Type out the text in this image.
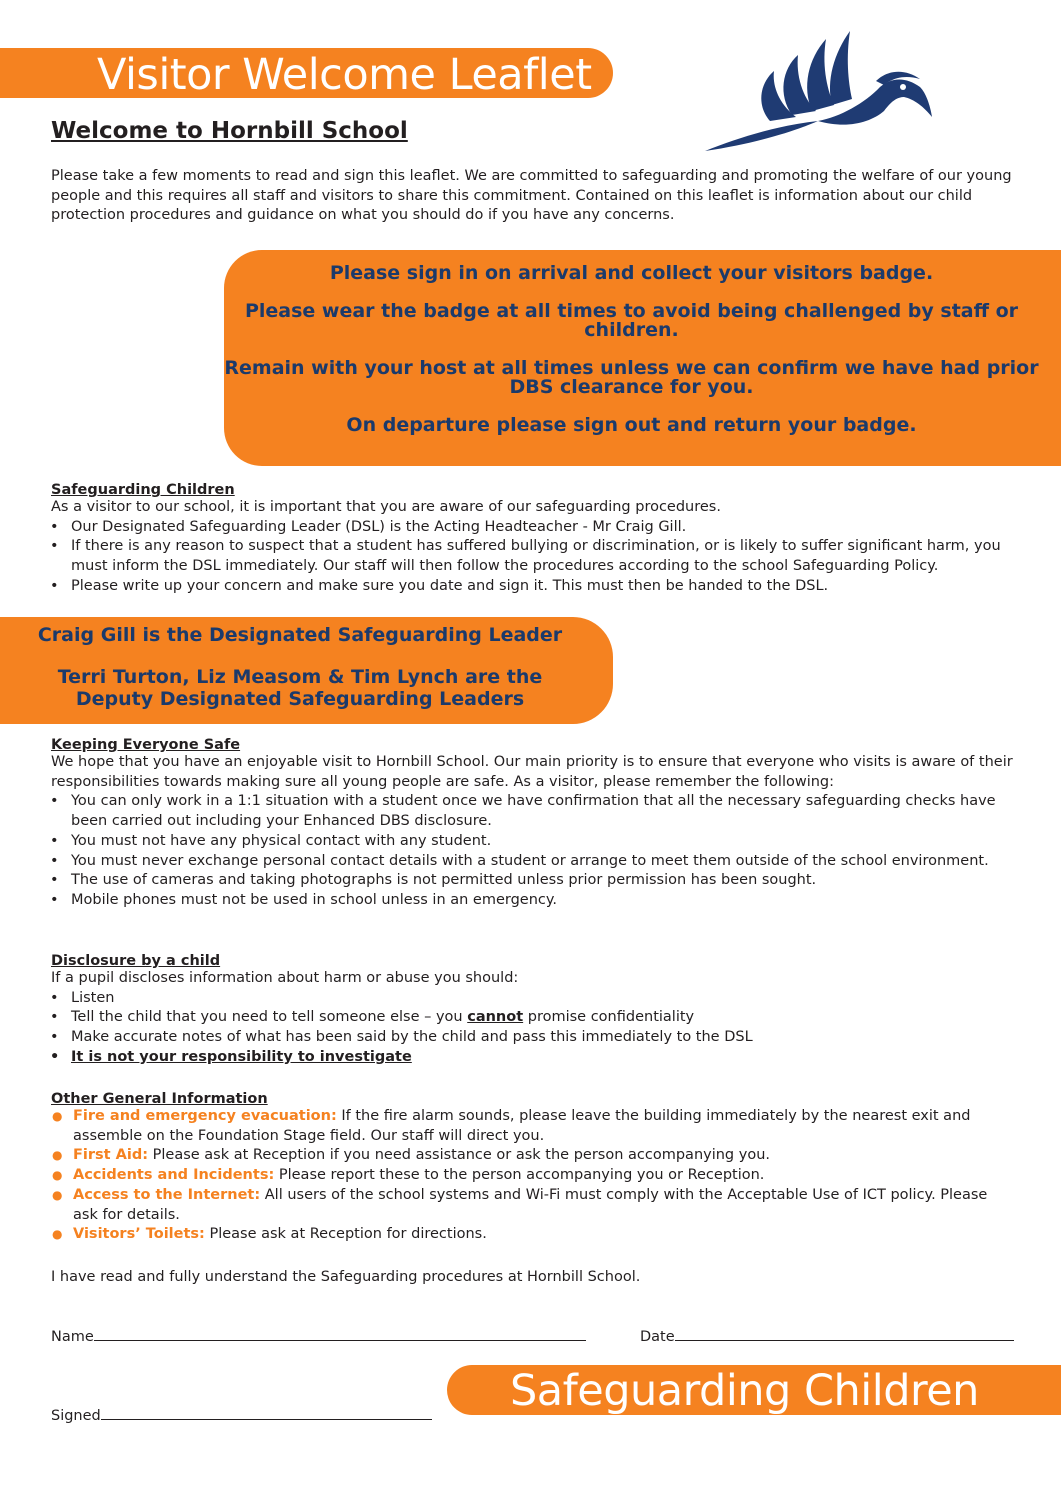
Visitor Welcome Leaflet
Welcome to Hornbill School
Please take a few moments to read and sign this leaflet. We are committed to safeguarding and promoting the welfare of our young people and this requires all staff and visitors to share this commitment. Contained on this leaflet is information about our child protection procedures and guidance on what you should do if you have any concerns.

Please sign in on arrival and collect your visitors badge.

Please wear the badge at all times to avoid being challenged by staff or children.

Remain with your host at all times unless we can confirm we have had prior DBS clearance for you.

On departure please sign out and return your badge.

Safeguarding Children
As a visitor to our school, it is important that you are aware of our safeguarding procedures.
• Our Designated Safeguarding Leader (DSL) is the Acting Headteacher - Mr Craig Gill.
• If there is any reason to suspect that a student has suffered bullying or discrimination, or is likely to suffer significant harm, you must inform the DSL immediately. Our staff will then follow the procedures according to the school Safeguarding Policy.
• Please write up your concern and make sure you date and sign it. This must then be handed to the DSL.

Craig Gill is the Designated Safeguarding Leader

Terri Turton, Liz Measom & Tim Lynch are the

Deputy Designated Safeguarding Leaders

Keeping Everyone Safe
We hope that you have an enjoyable visit to Hornbill School. Our main priority is to ensure that everyone who visits is aware of their responsibilities towards making sure all young people are safe. As a visitor, please remember the following:
• You can only work in a 1:1 situation with a student once we have confirmation that all the necessary safeguarding checks have been carried out including your Enhanced DBS disclosure.
• You must not have any physical contact with any student.
• You must never exchange personal contact details with a student or arrange to meet them outside of the school environment.
• The use of cameras and taking photographs is not permitted unless prior permission has been sought.
• Mobile phones must not be used in school unless in an emergency.
Disclosure by a child
If a pupil discloses information about harm or abuse you should:
• Listen
• Tell the child that you need to tell someone else – you cannot promise confidentiality
• Make accurate notes of what has been said by the child and pass this immediately to the DSL
• It is not your responsibility to investigate
Other General Information
● Fire and emergency evacuation: If the fire alarm sounds, please leave the building immediately by the nearest exit and assemble on the Foundation Stage field. Our staff will direct you.
● First Aid: Please ask at Reception if you need assistance or ask the person accompanying you.
● Accidents and Incidents: Please report these to the person accompanying you or Reception.
● Access to the Internet: All users of the school systems and Wi-Fi must comply with the Acceptable Use of ICT policy. Please ask for details.
● Visitors’ Toilets: Please ask at Reception for directions.
I have read and fully understand the Safeguarding procedures at Hornbill School.
Name	Date
Signed	Safeguarding Children
